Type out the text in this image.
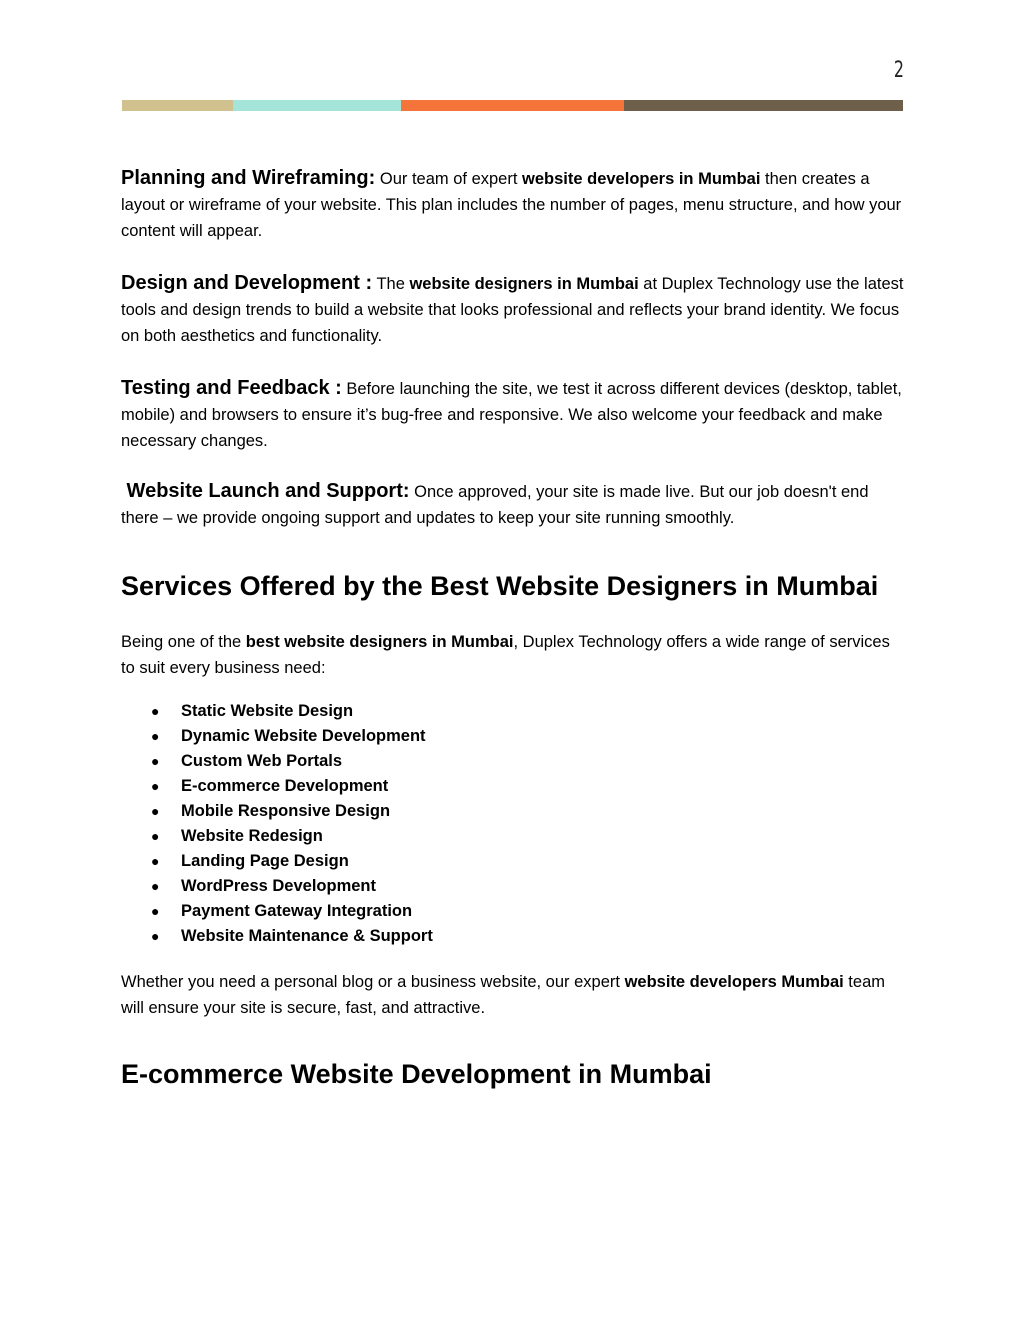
2

Planning and Wireframing: Our team of expert website developers in Mumbai then creates a layout or wireframe of your website. This plan includes the number of pages, menu structure, and how your content will appear.

Design and Development : The website designers in Mumbai at Duplex Technology use the latest tools and design trends to build a website that looks professional and reflects your brand identity. We focus on both aesthetics and functionality.

Testing and Feedback : Before launching the site, we test it across different devices (desktop, tablet, mobile) and browsers to ensure it’s bug-free and responsive. We also welcome your feedback and make necessary changes.

Website Launch and Support: Once approved, your site is made live. But our job doesn't end there – we provide ongoing support and updates to keep your site running smoothly.

Services Offered by the Best Website Designers in Mumbai

Being one of the best website designers in Mumbai, Duplex Technology offers a wide range of services to suit every business need:

● Static Website Design
● Dynamic Website Development
● Custom Web Portals
● E-commerce Development
● Mobile Responsive Design
● Website Redesign
● Landing Page Design
● WordPress Development
● Payment Gateway Integration
● Website Maintenance & Support

Whether you need a personal blog or a business website, our expert website developers Mumbai team will ensure your site is secure, fast, and attractive.

E-commerce Website Development in Mumbai
